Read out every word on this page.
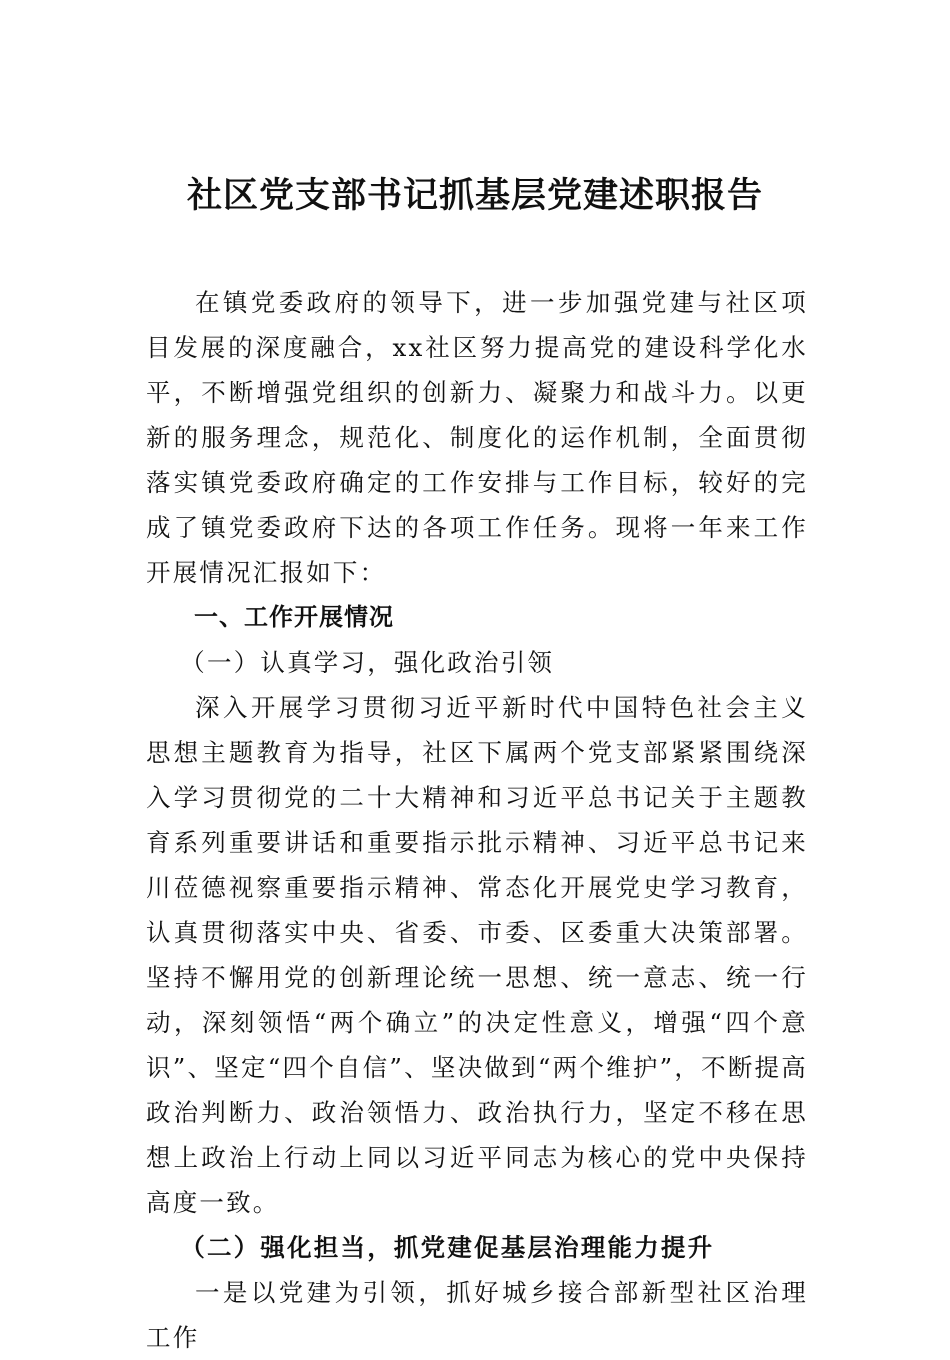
社区党支部书记抓基层党建述职报告

在镇党委政府的领导下，进一步加强党建与社区项目发展的深度融合，xx社区努力提高党的建设科学化水平，不断增强党组织的创新力、凝聚力和战斗力。以更新的服务理念，规范化、制度化的运作机制，全面贯彻落实镇党委政府确定的工作安排与工作目标，较好的完成了镇党委政府下达的各项工作任务。现将一年来工作开展情况汇报如下：

一、工作开展情况

（一）认真学习，强化政治引领

深入开展学习贯彻习近平新时代中国特色社会主义思想主题教育为指导，社区下属两个党支部紧紧围绕深入学习贯彻党的二十大精神和习近平总书记关于主题教育系列重要讲话和重要指示批示精神、习近平总书记来川莅德视察重要指示精神、常态化开展党史学习教育，认真贯彻落实中央、省委、市委、区委重大决策部署。坚持不懈用党的创新理论统一思想、统一意志、统一行动，深刻领悟“两个确立”的决定性意义，增强“四个意识”、坚定“四个自信”、坚决做到“两个维护”，不断提高政治判断力、政治领悟力、政治执行力，坚定不移在思想上政治上行动上同以习近平同志为核心的党中央保持高度一致。

（二）强化担当，抓党建促基层治理能力提升

一是以党建为引领，抓好城乡接合部新型社区治理工作
